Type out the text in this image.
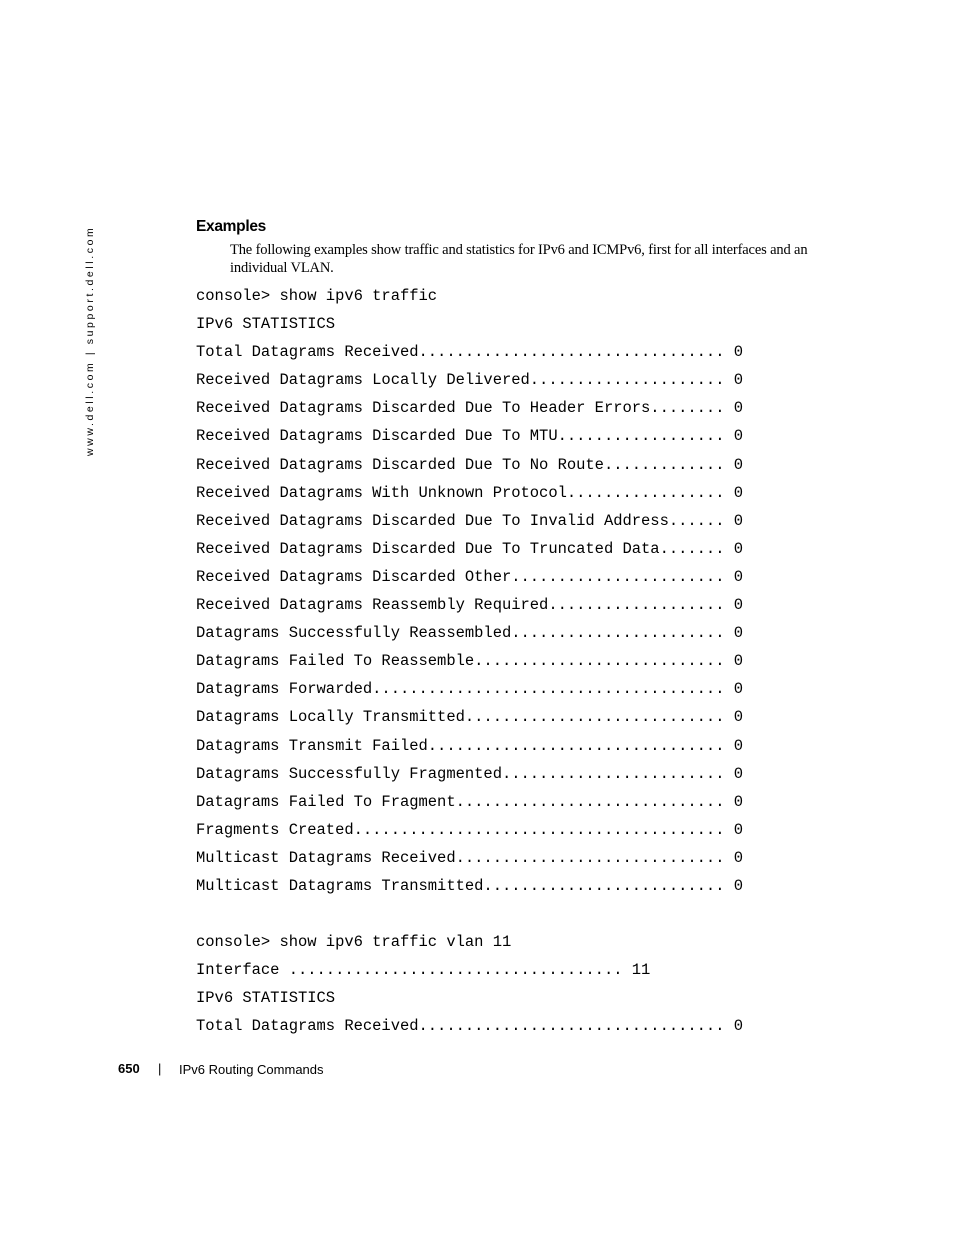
www.dell.com | support.dell.com	Examples

The following examples show traffic and statistics for IPv6 and ICMPv6, first for all interfaces and an individual VLAN.

console> show ipv6 traffic
IPv6 STATISTICS
Total Datagrams Received................................. 0
Received Datagrams Locally Delivered..................... 0
Received Datagrams Discarded Due To Header Errors........ 0
Received Datagrams Discarded Due To MTU.................. 0
Received Datagrams Discarded Due To No Route............. 0
Received Datagrams With Unknown Protocol................. 0
Received Datagrams Discarded Due To Invalid Address...... 0
Received Datagrams Discarded Due To Truncated Data....... 0
Received Datagrams Discarded Other....................... 0
Received Datagrams Reassembly Required................... 0
Datagrams Successfully Reassembled....................... 0
Datagrams Failed To Reassemble........................... 0
Datagrams Forwarded...................................... 0
Datagrams Locally Transmitted............................ 0
Datagrams Transmit Failed................................ 0
Datagrams Successfully Fragmented........................ 0
Datagrams Failed To Fragment............................. 0
Fragments Created........................................ 0
Multicast Datagrams Received............................. 0
Multicast Datagrams Transmitted.......................... 0
console> show ipv6 traffic vlan 11
Interface .................................... 11
IPv6 STATISTICS
Total Datagrams Received................................. 0
650 | IPv6 Routing Commands
